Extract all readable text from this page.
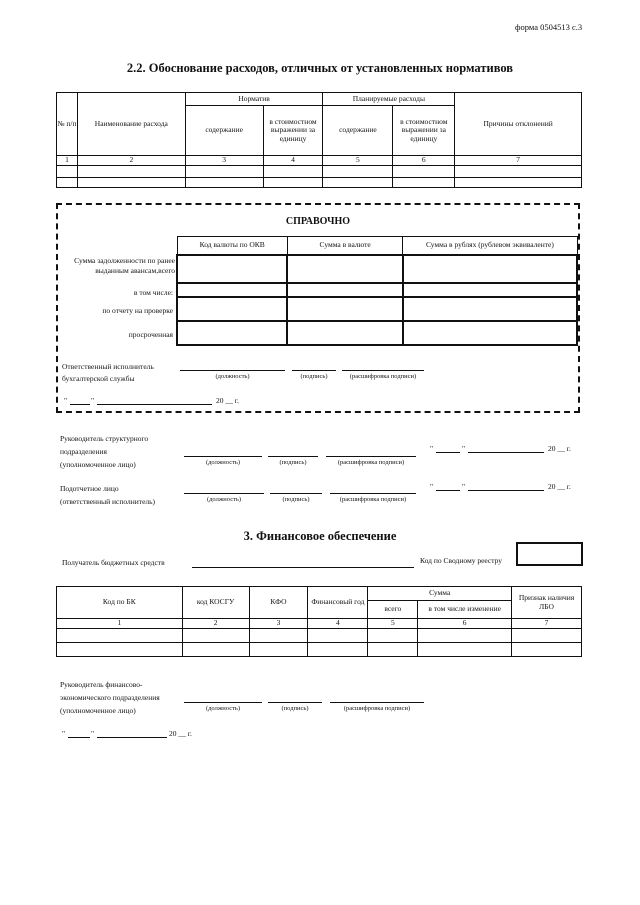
форма 0504513 с.3
2.2. Обоснование расходов, отличных от установленных нормативов
№ п/п	Наименование расхода	Норматив		Планируемые расходы		Причины отклонений
		содержание	в стоимостном выражении за единицу	содержание	в стоимостном выражении за единицу	
1	2	3	4	5	6	7

СПРАВОЧНО
Код валюты по ОКВ	Сумма в валюте	Сумма в рублях (рублевом эквиваленте)

Сумма задолженности по ранее выданным авансам,всего
в том числе:
по отчету на проверке
просроченная
Ответственный исполнитель
бухгалтерской службы	(должность)	(подпись)	(расшифровка подписи)
"	"	20 __ г.
Руководитель структурного
подразделения
(уполномоченное лицо)	(должность)	(подпись)	(расшифровка подписи)
"	"	20 __ г.
Подотчетное лицо
(ответственный исполнитель)	(должность)	(подпись)	(расшифровка подписи)
"	"	20 __ г.
3. Финансовое обеспечение
Получатель бюджетных средств	Код по Сводному реестру
Код по БК	код КОСГУ	КФО	Финансовый год	Сумма		Признак наличия ЛБО
				всего	в том числе изменение	
1	2	3	4	5	6	7

Руководитель финансово-
экономического подразделения
(уполномоченное лицо)	(должность)	(подпись)	(расшифровка подписи)
"	"	20 __ г.
